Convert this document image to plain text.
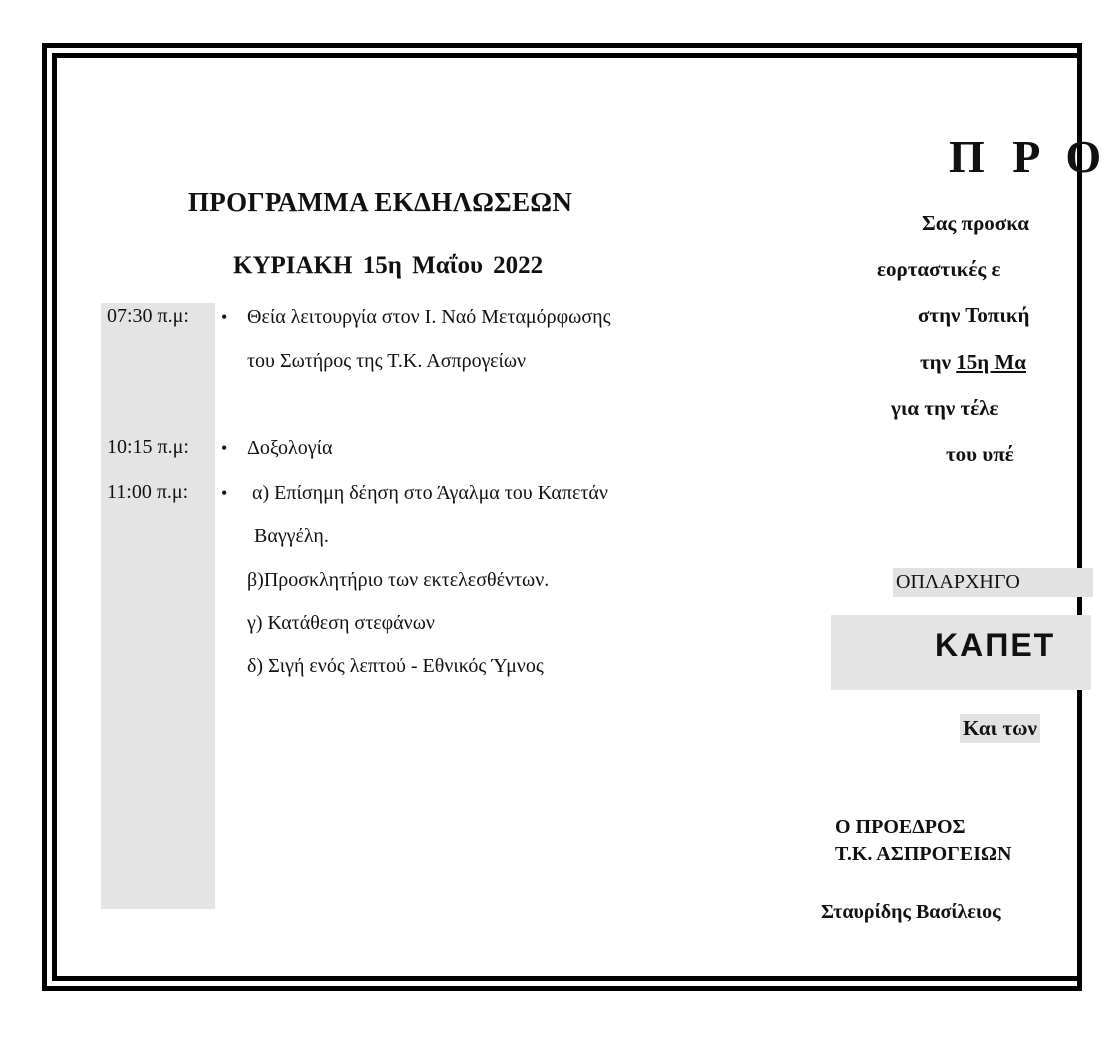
ΠΡΟΓΡΑΜΜΑ ΕΚΔΗΛΩΣΕΩΝ
ΚΥΡΙΑΚΗ 15η Μαΐου 2022
07:30 π.μ: • Θεία λειτουργία στον Ι. Ναό Μεταμόρφωσης
του Σωτήρος της Τ.Κ. Ασπρογείων
10:15 π.μ: • Δοξολογία
11:00 π.μ: • α) Επίσημη δέηση στο Άγαλμα του Καπετάν
Βαγγέλη.
β)Προσκλητήριο των εκτελεσθέντων.
γ) Κατάθεση στεφάνων
δ) Σιγή ενός λεπτού - Εθνικός Ύμνος
Π Ρ Ο
Σας προσκα
εορταστικές ε
στην Τοπική
την 15η Μα
για την τέλε
του υπέ
ΟΠΛΑΡΧΗΓΟ
ΚΑΠΕΤ
Και των
Ο ΠΡΟΕΔΡΟΣ
Τ.Κ. ΑΣΠΡΟΓΕΙΩΝ
Σταυρίδης Βασίλειος
